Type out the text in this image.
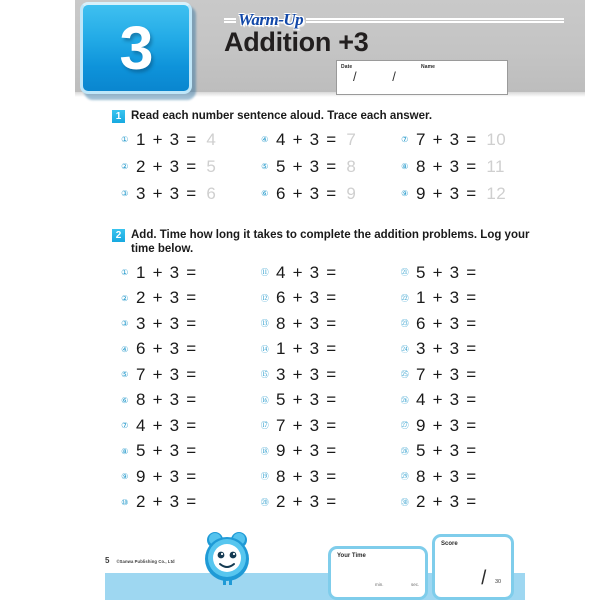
3	Warm-Up
Addition +3
Date	Name
/ /
1 Read each number sentence aloud. Trace each answer.
① 1 + 3 = 4	④ 4 + 3 = 7	⑦ 7 + 3 = 10
② 2 + 3 = 5	⑤ 5 + 3 = 8	⑧ 8 + 3 = 11
③ 3 + 3 = 6	⑥ 6 + 3 = 9	⑨ 9 + 3 = 12
2 Add. Time how long it takes to complete the addition problems. Log your time below.
① 1 + 3 =	⑪ 4 + 3 =	㉑ 5 + 3 =
② 2 + 3 =	⑫ 6 + 3 =	㉒ 1 + 3 =
③ 3 + 3 =	⑬ 8 + 3 =	㉓ 6 + 3 =
④ 6 + 3 =	⑭ 1 + 3 =	㉔ 3 + 3 =
⑤ 7 + 3 =	⑮ 3 + 3 =	㉕ 7 + 3 =
⑥ 8 + 3 =	⑯ 5 + 3 =	㉖ 4 + 3 =
⑦ 4 + 3 =	⑰ 7 + 3 =	㉗ 9 + 3 =
⑧ 5 + 3 =	⑱ 9 + 3 =	㉘ 5 + 3 =
⑨ 9 + 3 =	⑲ 8 + 3 =	㉙ 8 + 3 =
⑩ 2 + 3 =	⑳ 2 + 3 =	㉚ 2 + 3 =
5 ©Sanwa Publishing Co., Ltd
Your Time
min.	sec.
Score
/ 30
